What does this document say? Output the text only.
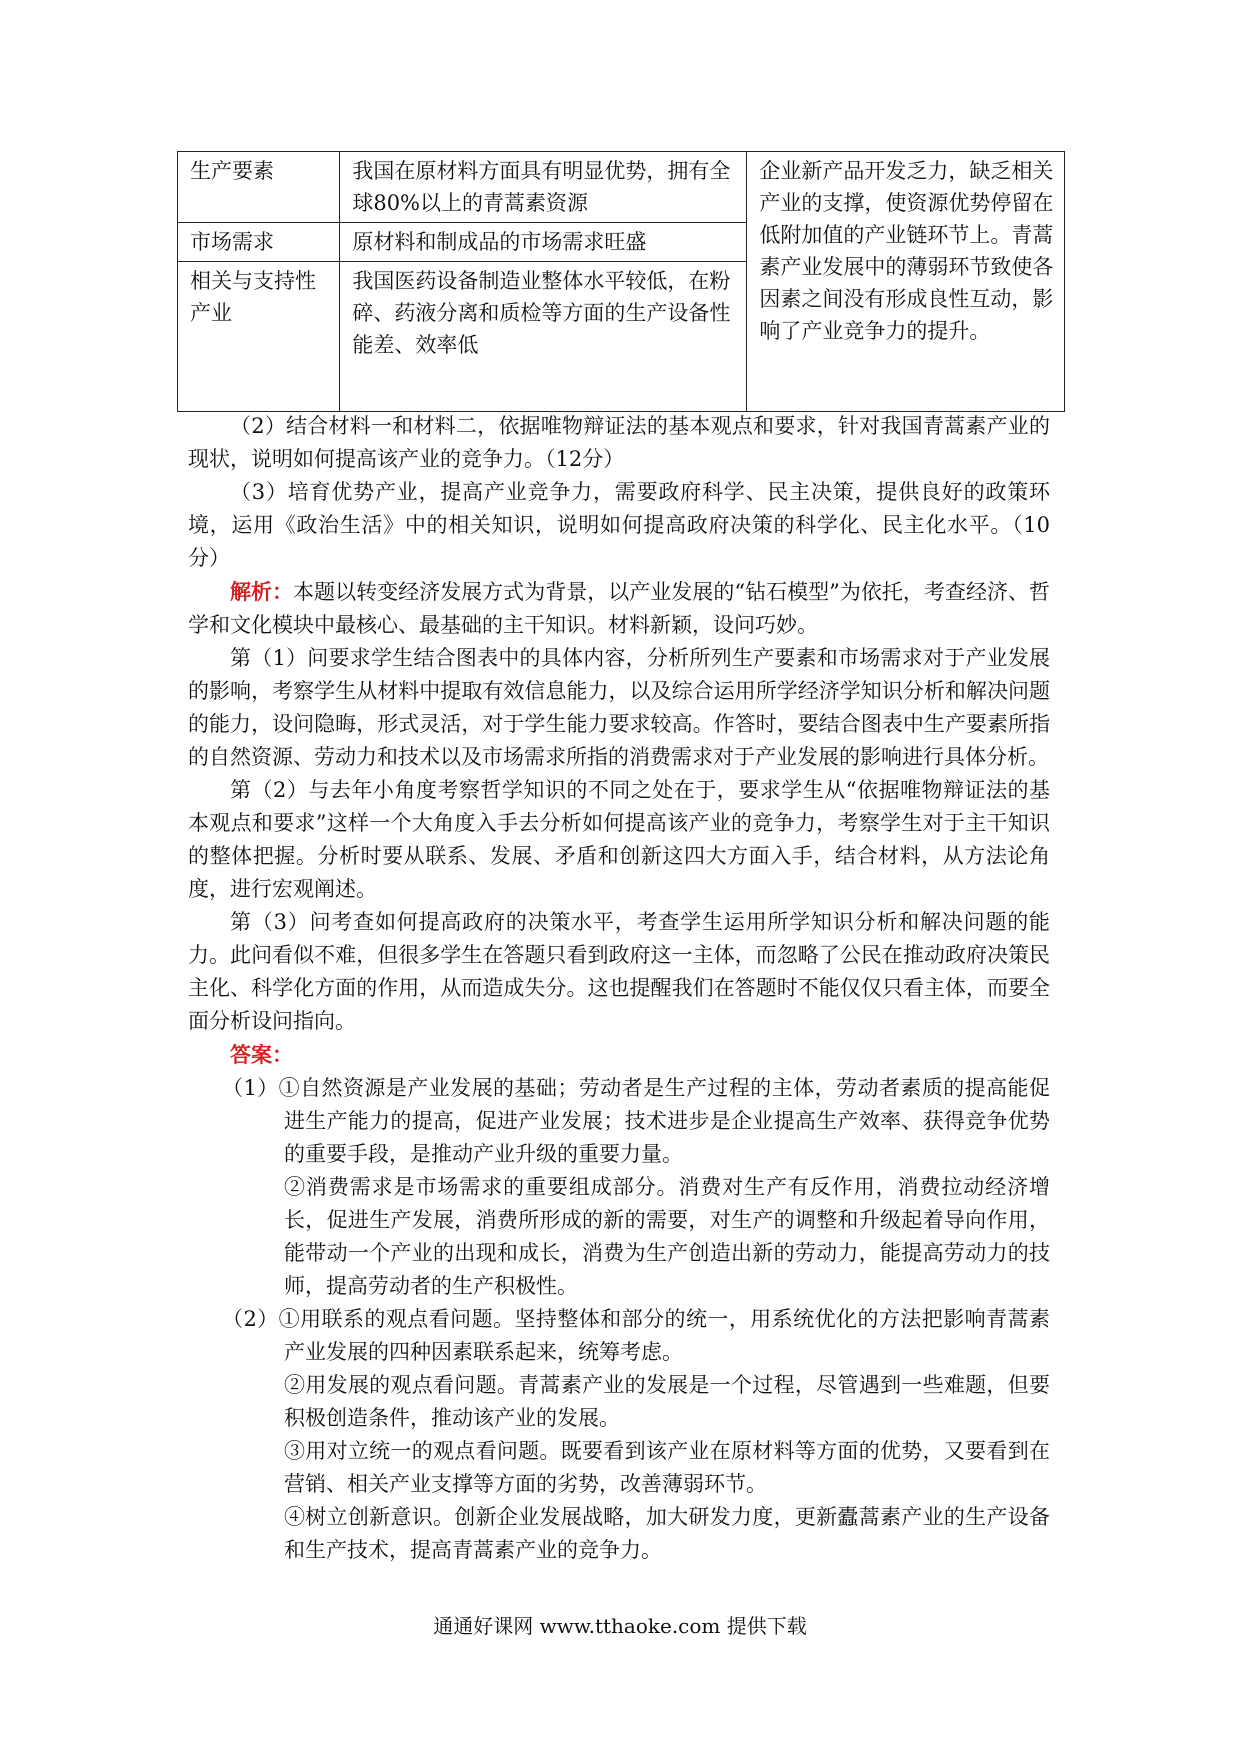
生产要素	我国在原材料方面具有明显优势，拥有全球80%以上的青蒿素资源	企业新产品开发乏力，缺乏相关产业的支撑，使资源优势停留在低附加值的产业链环节上。青蒿素产业发展中的薄弱环节致使各因素之间没有形成良性互动，影响了产业竞争力的提升。
市场需求	原材料和制成品的市场需求旺盛	
相关与支持性产业	我国医药设备制造业整体水平较低，在粉碎、药液分离和质检等方面的生产设备性能差、效率低	

（2）结合材料一和材料二，依据唯物辩证法的基本观点和要求，针对我国青蒿素产业的现状，说明如何提高该产业的竞争力。（12分）

（3）培育优势产业，提高产业竞争力，需要政府科学、民主决策，提供良好的政策环境，运用《政治生活》中的相关知识，说明如何提高政府决策的科学化、民主化水平。（10分）

解析：本题以转变经济发展方式为背景，以产业发展的“钻石模型”为依托，考查经济、哲学和文化模块中最核心、最基础的主干知识。材料新颖，设问巧妙。

第（1）问要求学生结合图表中的具体内容，分析所列生产要素和市场需求对于产业发展的影响，考察学生从材料中提取有效信息能力，以及综合运用所学经济学知识分析和解决问题的能力，设问隐晦，形式灵活，对于学生能力要求较高。作答时，要结合图表中生产要素所指的自然资源、劳动力和技术以及市场需求所指的消费需求对于产业发展的影响进行具体分析。

第（2）与去年小角度考察哲学知识的不同之处在于，要求学生从“依据唯物辩证法的基本观点和要求”这样一个大角度入手去分析如何提高该产业的竞争力，考察学生对于主干知识的整体把握。分析时要从联系、发展、矛盾和创新这四大方面入手，结合材料，从方法论角度，进行宏观阐述。

第（3）问考查如何提高政府的决策水平，考查学生运用所学知识分析和解决问题的能力。此问看似不难，但很多学生在答题只看到政府这一主体，而忽略了公民在推动政府决策民主化、科学化方面的作用，从而造成失分。这也提醒我们在答题时不能仅仅只看主体，而要全面分析设问指向。

答案：

（1）①自然资源是产业发展的基础；劳动者是生产过程的主体，劳动者素质的提高能促进生产能力的提高，促进产业发展；技术进步是企业提高生产效率、获得竞争优势的重要手段，是推动产业升级的重要力量。

②消费需求是市场需求的重要组成部分。消费对生产有反作用，消费拉动经济增长，促进生产发展，消费所形成的新的需要，对生产的调整和升级起着导向作用，能带动一个产业的出现和成长，消费为生产创造出新的劳动力，能提高劳动力的技师，提高劳动者的生产积极性。

（2）①用联系的观点看问题。坚持整体和部分的统一，用系统优化的方法把影响青蒿素产业发展的四种因素联系起来，统筹考虑。

②用发展的观点看问题。青蒿素产业的发展是一个过程，尽管遇到一些难题，但要积极创造条件，推动该产业的发展。

③用对立统一的观点看问题。既要看到该产业在原材料等方面的优势，又要看到在营销、相关产业支撑等方面的劣势，改善薄弱环节。

④树立创新意识。创新企业发展战略，加大研发力度，更新蠹蒿素产业的生产设备和生产技术，提高青蒿素产业的竞争力。

通通好课网 www.tthaoke.com 提供下载
